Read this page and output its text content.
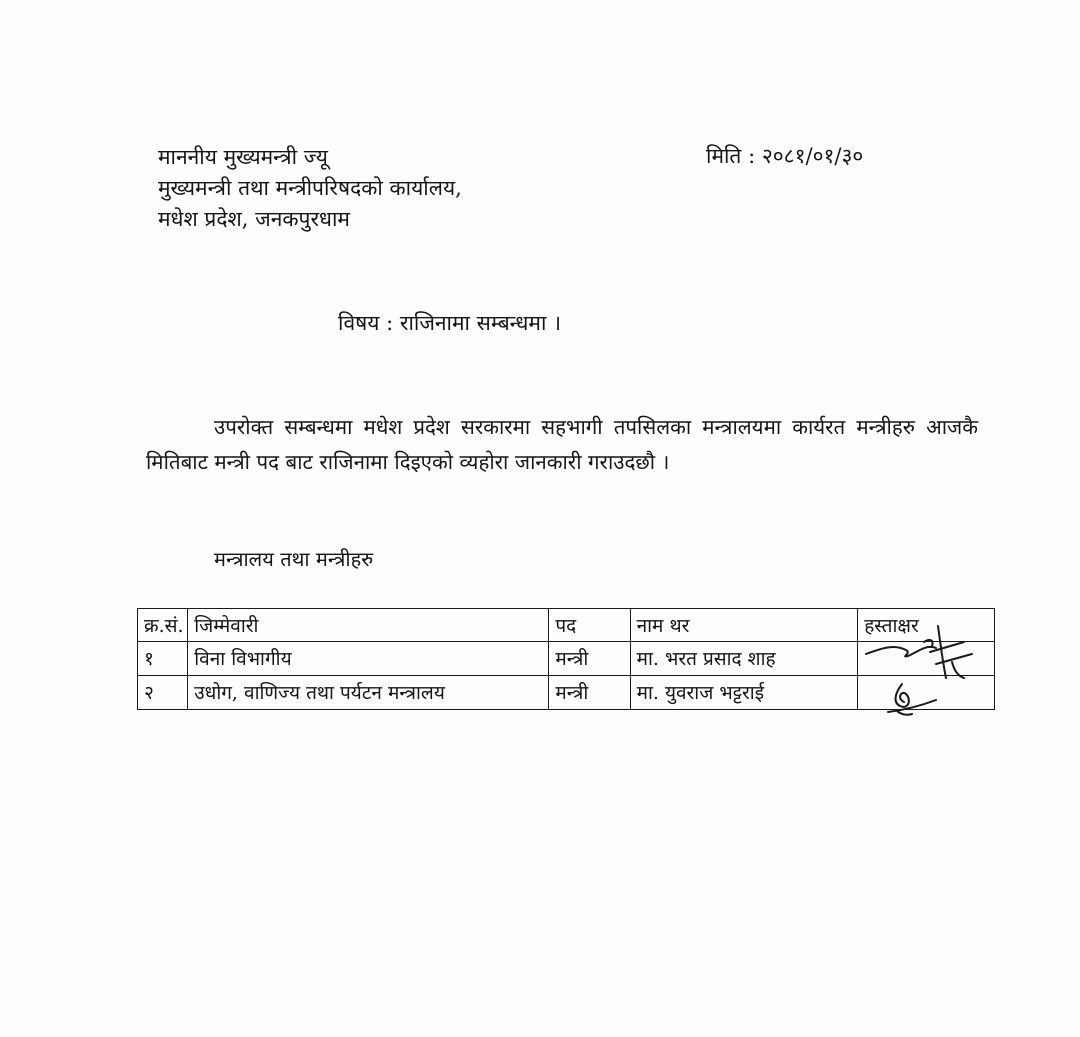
माननीय मुख्यमन्त्री ज्यू
मुख्यमन्त्री तथा मन्त्रीपरिषदको कार्यालय,
मधेश प्रदेश, जनकपुरधाम
मिति : २०८१/०१/३०
विषय : राजिनामा सम्बन्धमा ।
उपरोक्त सम्बन्धमा मधेश प्रदेश सरकारमा सहभागी तपसिलका मन्त्रालयमा कार्यरत मन्त्रीहरु आजकै मितिबाट मन्त्री पद बाट राजिनामा दिइएको व्यहोरा जानकारी गराउदछौ ।
मन्त्रालय तथा मन्त्रीहरु
क्र.सं.	जिम्मेवारी	पद	नाम थर	हस्ताक्षर
१	विना विभागीय	मन्त्री	मा. भरत प्रसाद शाह	
२	उधोग, वाणिज्य तथा पर्यटन मन्त्रालय	मन्त्री	मा. युवराज भट्टराई	
